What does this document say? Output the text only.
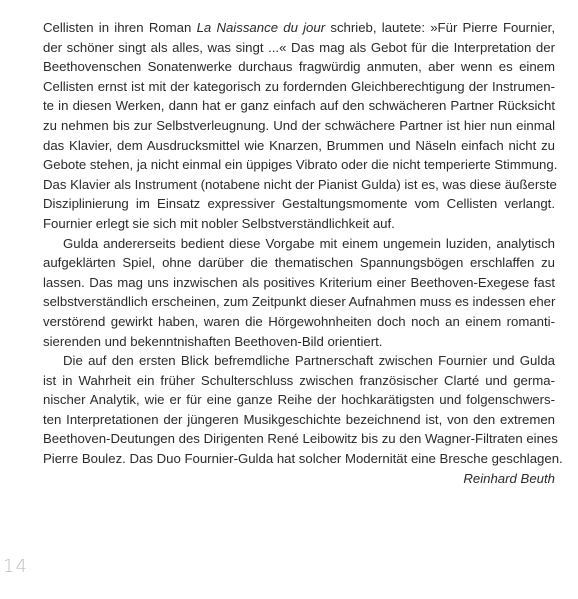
Cellisten in ihren Roman La Naissance du jour schrieb, lautete: »Für Pierre Fournier,
der schöner singt als alles, was singt ...« Das mag als Gebot für die Interpretation der
Beethovenschen Sonatenwerke durchaus fragwürdig anmuten, aber wenn es einem
Cellisten ernst ist mit der kategorisch zu fordernden Gleichberechtigung der Instrumen-
te in diesen Werken, dann hat er ganz einfach auf den schwächeren Partner Rücksicht
zu nehmen bis zur Selbstverleugnung. Und der schwächere Partner ist hier nun einmal
das Klavier, dem Ausdrucksmittel wie Knarzen, Brummen und Näseln einfach nicht zu
Gebote stehen, ja nicht einmal ein üppiges Vibrato oder die nicht temperierte Stimmung.
Das Klavier als Instrument (notabene nicht der Pianist Gulda) ist es, was diese äußerste
Disziplinierung im Einsatz expressiver Gestaltungsmomente vom Cellisten verlangt.
Fournier erlegt sie sich mit nobler Selbstverständlichkeit auf.
Gulda andererseits bedient diese Vorgabe mit einem ungemein luziden, analytisch
aufgeklärten Spiel, ohne darüber die thematischen Spannungsbögen erschlaffen zu
lassen. Das mag uns inzwischen als positives Kriterium einer Beethoven-Exegese fast
selbstverständlich erscheinen, zum Zeitpunkt dieser Aufnahmen muss es indessen eher
verstörend gewirkt haben, waren die Hörgewohnheiten doch noch an einem romanti-
sierenden und bekenntnishaften Beethoven-Bild orientiert.
Die auf den ersten Blick befremdliche Partnerschaft zwischen Fournier und Gulda
ist in Wahrheit ein früher Schulterschluss zwischen französischer Clarté und germa-
nischer Analytik, wie er für eine ganze Reihe der hochkarätigsten und folgenschwers-
ten Interpretationen der jüngeren Musikgeschichte bezeichnend ist, von den extremen
Beethoven-Deutungen des Dirigenten René Leibowitz bis zu den Wagner-Filtraten eines
Pierre Boulez. Das Duo Fournier-Gulda hat solcher Modernität eine Bresche geschlagen.
Reinhard Beuth
14
